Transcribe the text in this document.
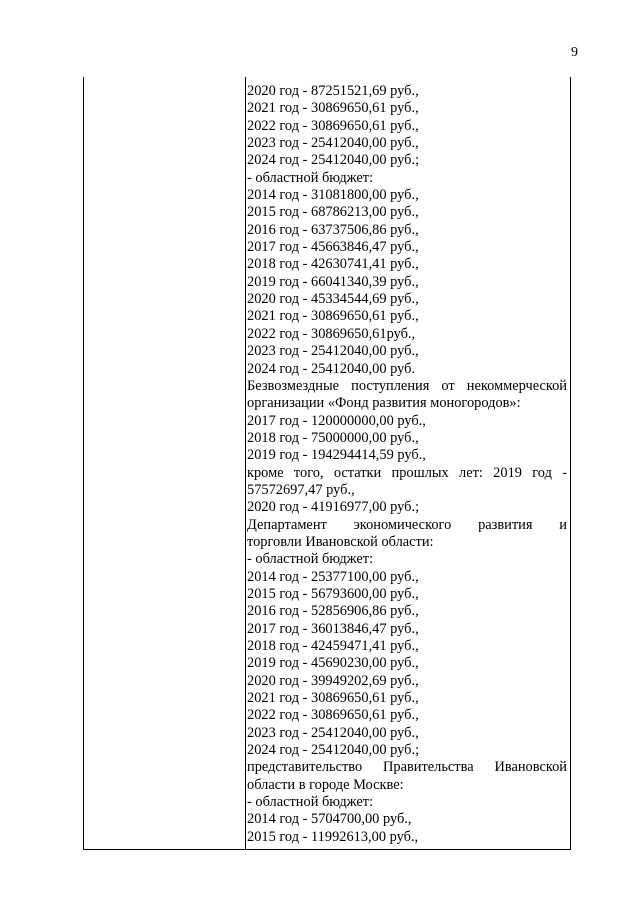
9
2020 год - 87251521,69 руб.,
2021 год - 30869650,61 руб.,
2022 год - 30869650,61 руб.,
2023 год - 25412040,00 руб.,
2024 год - 25412040,00 руб.;
- областной бюджет:
2014 год - 31081800,00 руб.,
2015 год - 68786213,00 руб.,
2016 год - 63737506,86 руб.,
2017 год - 45663846,47 руб.,
2018 год - 42630741,41 руб.,
2019 год - 66041340,39 руб.,
2020 год - 45334544,69 руб.,
2021 год - 30869650,61 руб.,
2022 год - 30869650,61руб.,
2023 год - 25412040,00 руб.,
2024 год - 25412040,00 руб.
Безвозмездные поступления от некоммерческой
организации «Фонд развития моногородов»:
2017 год - 120000000,00 руб.,
2018 год - 75000000,00 руб.,
2019 год - 194294414,59 руб.,
кроме того, остатки прошлых лет: 2019 год -
57572697,47 руб.,
2020 год - 41916977,00 руб.;
Департамент экономического развития и
торговли Ивановской области:
- областной бюджет:
2014 год - 25377100,00 руб.,
2015 год - 56793600,00 руб.,
2016 год - 52856906,86 руб.,
2017 год - 36013846,47 руб.,
2018 год - 42459471,41 руб.,
2019 год - 45690230,00 руб.,
2020 год - 39949202,69 руб.,
2021 год - 30869650,61 руб.,
2022 год - 30869650,61 руб.,
2023 год - 25412040,00 руб.,
2024 год - 25412040,00 руб.;
представительство Правительства Ивановской
области в городе Москве:
- областной бюджет:
2014 год - 5704700,00 руб.,
2015 год - 11992613,00 руб.,
